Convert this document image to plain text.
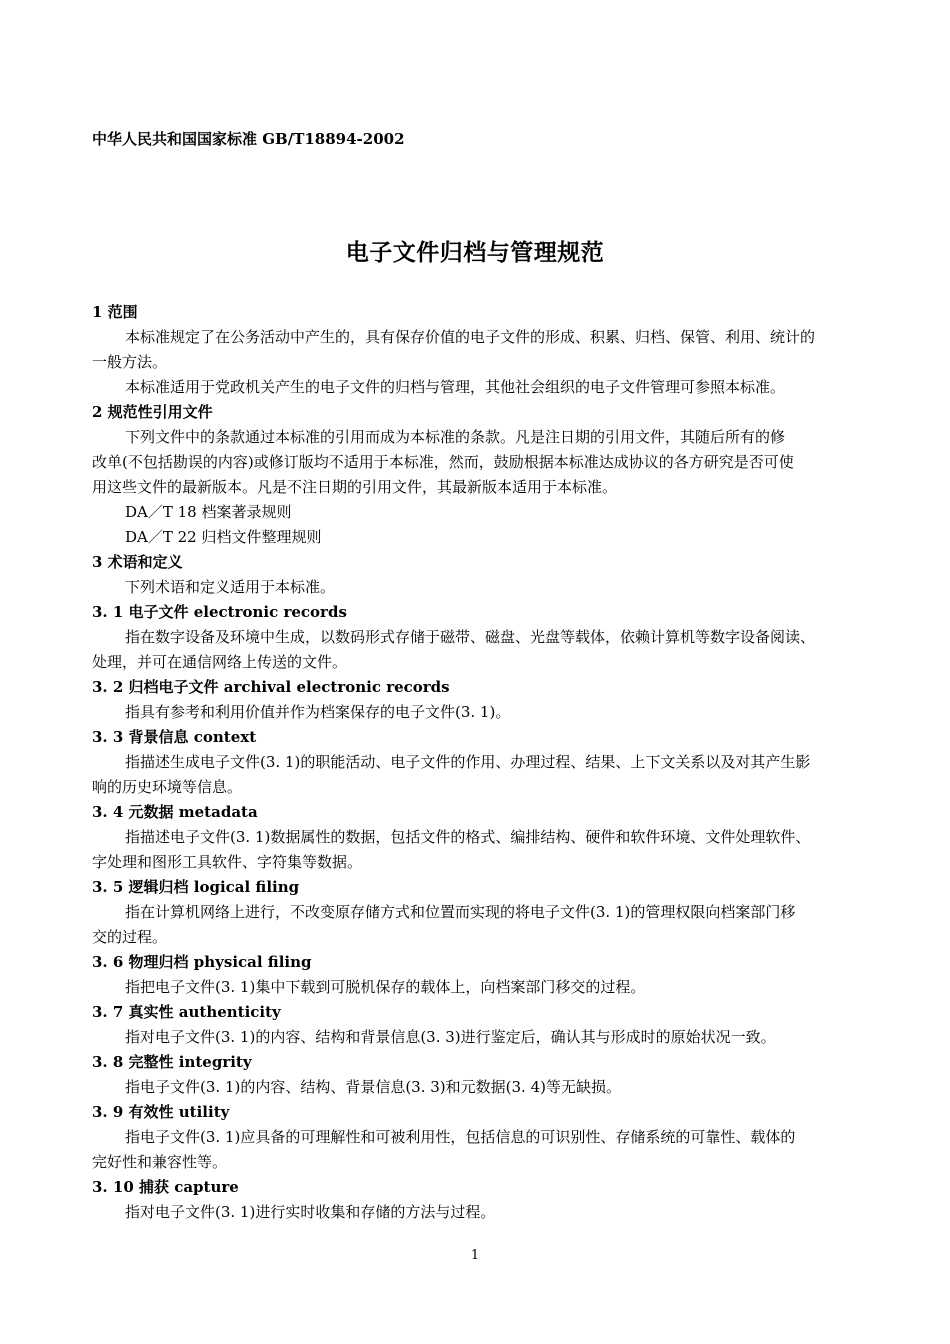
中华人民共和国国家标准 GB/T18894-2002
电子文件归档与管理规范
1 范围
本标准规定了在公务活动中产生的，具有保存价值的电子文件的形成、积累、归档、保管、利用、统计的
一般方法。
本标准适用于党政机关产生的电子文件的归档与管理，其他社会组织的电子文件管理可参照本标准。
2 规范性引用文件
下列文件中的条款通过本标准的引用而成为本标准的条款。凡是注日期的引用文件，其随后所有的修
改单(不包括勘误的内容)或修订版均不适用于本标准，然而，鼓励根据本标准达成协议的各方研究是否可使
用这些文件的最新版本。凡是不注日期的引用文件，其最新版本适用于本标准。
DA／T 18 档案著录规则
DA／T 22 归档文件整理规则
3 术语和定义
下列术语和定义适用于本标准。
3. 1 电子文件 electronic records
指在数字设备及环境中生成，以数码形式存储于磁带、磁盘、光盘等载体，依赖计算机等数字设备阅读、
处理，并可在通信网络上传送的文件。
3. 2 归档电子文件 archival electronic records
指具有参考和利用价值并作为档案保存的电子文件(3. 1)。
3. 3 背景信息 context
指描述生成电子文件(3. 1)的职能活动、电子文件的作用、办理过程、结果、上下文关系以及对其产生影
响的历史环境等信息。
3. 4 元数据 metadata
指描述电子文件(3. 1)数据属性的数据，包括文件的格式、编排结构、硬件和软件环境、文件处理软件、
字处理和图形工具软件、字符集等数据。
3. 5 逻辑归档 logical filing
指在计算机网络上进行，不改变原存储方式和位置而实现的将电子文件(3. 1)的管理权限向档案部门移
交的过程。
3. 6 物理归档 physical filing
指把电子文件(3. 1)集中下载到可脱机保存的载体上，向档案部门移交的过程。
3. 7 真实性 authenticity
指对电子文件(3. 1)的内容、结构和背景信息(3. 3)进行鉴定后，确认其与形成时的原始状况一致。
3. 8 完整性 integrity
指电子文件(3. 1)的内容、结构、背景信息(3. 3)和元数据(3. 4)等无缺损。
3. 9 有效性 utility
指电子文件(3. 1)应具备的可理解性和可被利用性，包括信息的可识别性、存储系统的可靠性、载体的
完好性和兼容性等。
3. 10 捕获 capture
指对电子文件(3. 1)进行实时收集和存储的方法与过程。
1
